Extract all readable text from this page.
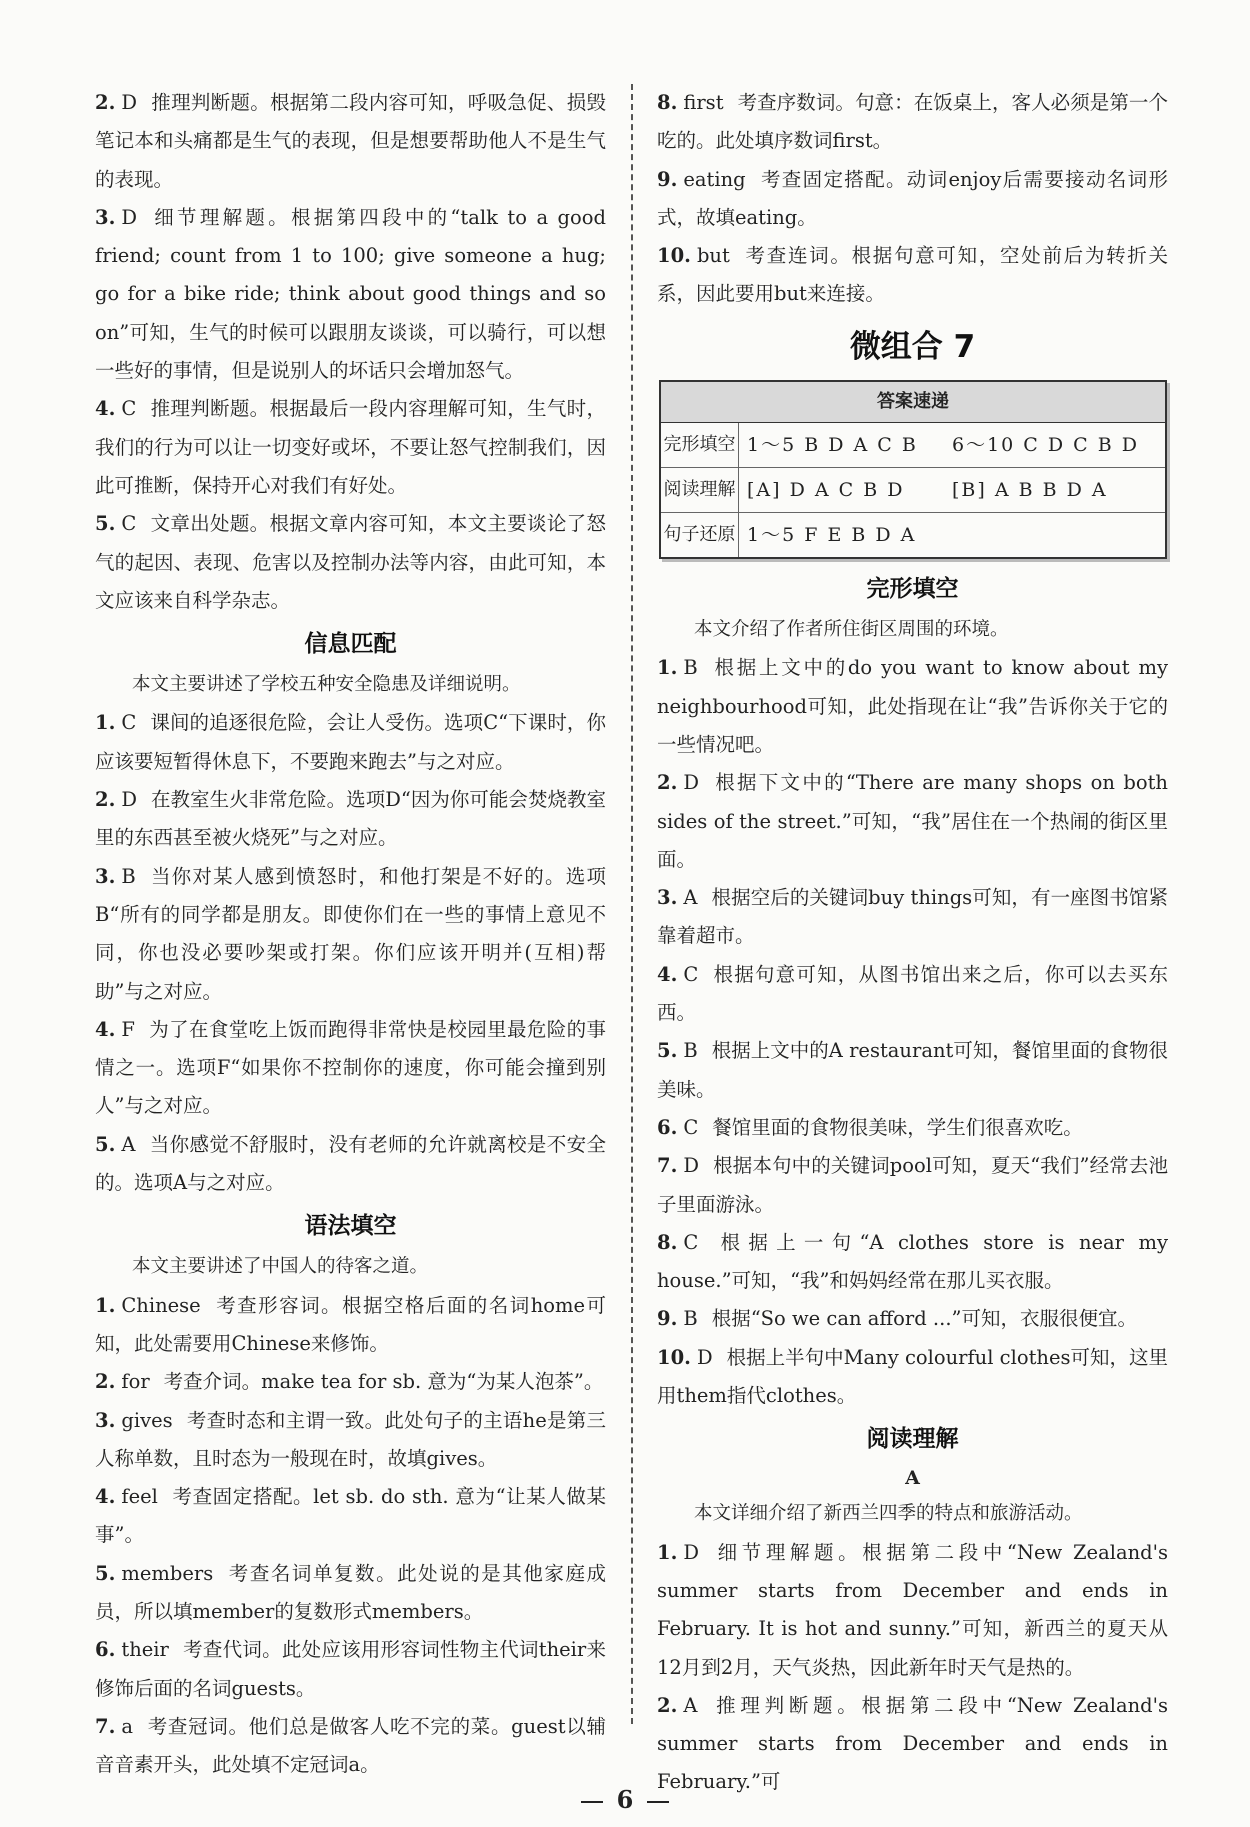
2. D 推理判断题。根据第二段内容可知，呼吸急促、损毁笔记本和头痛都是生气的表现，但是想要帮助他人不是生气的表现。

3. D 细节理解题。根据第四段中的“talk to a good friend; count from 1 to 100; give someone a hug; go for a bike ride; think about good things and so on”可知，生气的时候可以跟朋友谈谈，可以骑行，可以想一些好的事情，但是说别人的坏话只会增加怒气。

4. C 推理判断题。根据最后一段内容理解可知，生气时，我们的行为可以让一切变好或坏，不要让怒气控制我们，因此可推断，保持开心对我们有好处。

5. C 文章出处题。根据文章内容可知，本文主要谈论了怒气的起因、表现、危害以及控制办法等内容，由此可知，本文应该来自科学杂志。

信息匹配

本文主要讲述了学校五种安全隐患及详细说明。

1. C 课间的追逐很危险，会让人受伤。选项C“下课时，你应该要短暂得休息下，不要跑来跑去”与之对应。

2. D 在教室生火非常危险。选项D“因为你可能会焚烧教室里的东西甚至被火烧死”与之对应。

3. B 当你对某人感到愤怒时，和他打架是不好的。选项B“所有的同学都是朋友。即使你们在一些的事情上意见不同，你也没必要吵架或打架。你们应该开明并(互相)帮助”与之对应。

4. F 为了在食堂吃上饭而跑得非常快是校园里最危险的事情之一。选项F“如果你不控制你的速度，你可能会撞到别人”与之对应。

5. A 当你感觉不舒服时，没有老师的允许就离校是不安全的。选项A与之对应。

语法填空

本文主要讲述了中国人的待客之道。

1. Chinese 考查形容词。根据空格后面的名词home可知，此处需要用Chinese来修饰。

2. for 考查介词。make tea for sb. 意为“为某人泡茶”。

3. gives 考查时态和主谓一致。此处句子的主语he是第三人称单数，且时态为一般现在时，故填gives。

4. feel 考查固定搭配。let sb. do sth. 意为“让某人做某事”。

5. members 考查名词单复数。此处说的是其他家庭成员，所以填member的复数形式members。

6. their 考查代词。此处应该用形容词性物主代词their来修饰后面的名词guests。

7. a 考查冠词。他们总是做客人吃不完的菜。guest以辅音音素开头，此处填不定冠词a。

8. first 考查序数词。句意：在饭桌上，客人必须是第一个吃的。此处填序数词first。

9. eating 考查固定搭配。动词enjoy后需要接动名词形式，故填eating。

10. but 考查连词。根据句意可知，空处前后为转折关系，因此要用but来连接。

微组合 7
答案速递	
完形填空	1～5 B D A C B 6～10 C D C B D

阅读理解	[A] D A C B D [B] A B B D A

句子还原	1～5 F E B D A
完形填空

本文介绍了作者所住街区周围的环境。

1. B 根据上文中的do you want to know about my neighbourhood可知，此处指现在让“我”告诉你关于它的一些情况吧。

2. D 根据下文中的“There are many shops on both sides of the street.”可知，“我”居住在一个热闹的街区里面。

3. A 根据空后的关键词buy things可知，有一座图书馆紧靠着超市。

4. C 根据句意可知，从图书馆出来之后，你可以去买东西。

5. B 根据上文中的A restaurant可知，餐馆里面的食物很美味。

6. C 餐馆里面的食物很美味，学生们很喜欢吃。

7. D 根据本句中的关键词pool可知，夏天“我们”经常去池子里面游泳。

8. C 根据上一句“A clothes store is near my house.”可知，“我”和妈妈经常在那儿买衣服。

9. B 根据“So we can afford ...”可知，衣服很便宜。

10. D 根据上半句中Many colourful clothes可知，这里用them指代clothes。

阅读理解
A

本文详细介绍了新西兰四季的特点和旅游活动。

1. D 细节理解题。根据第二段中“New Zealand's summer starts from December and ends in February. It is hot and sunny.”可知，新西兰的夏天从12月到2月，天气炎热，因此新年时天气是热的。

2. A 推理判断题。根据第二段中“New Zealand's summer starts from December and ends in February.”可

6
